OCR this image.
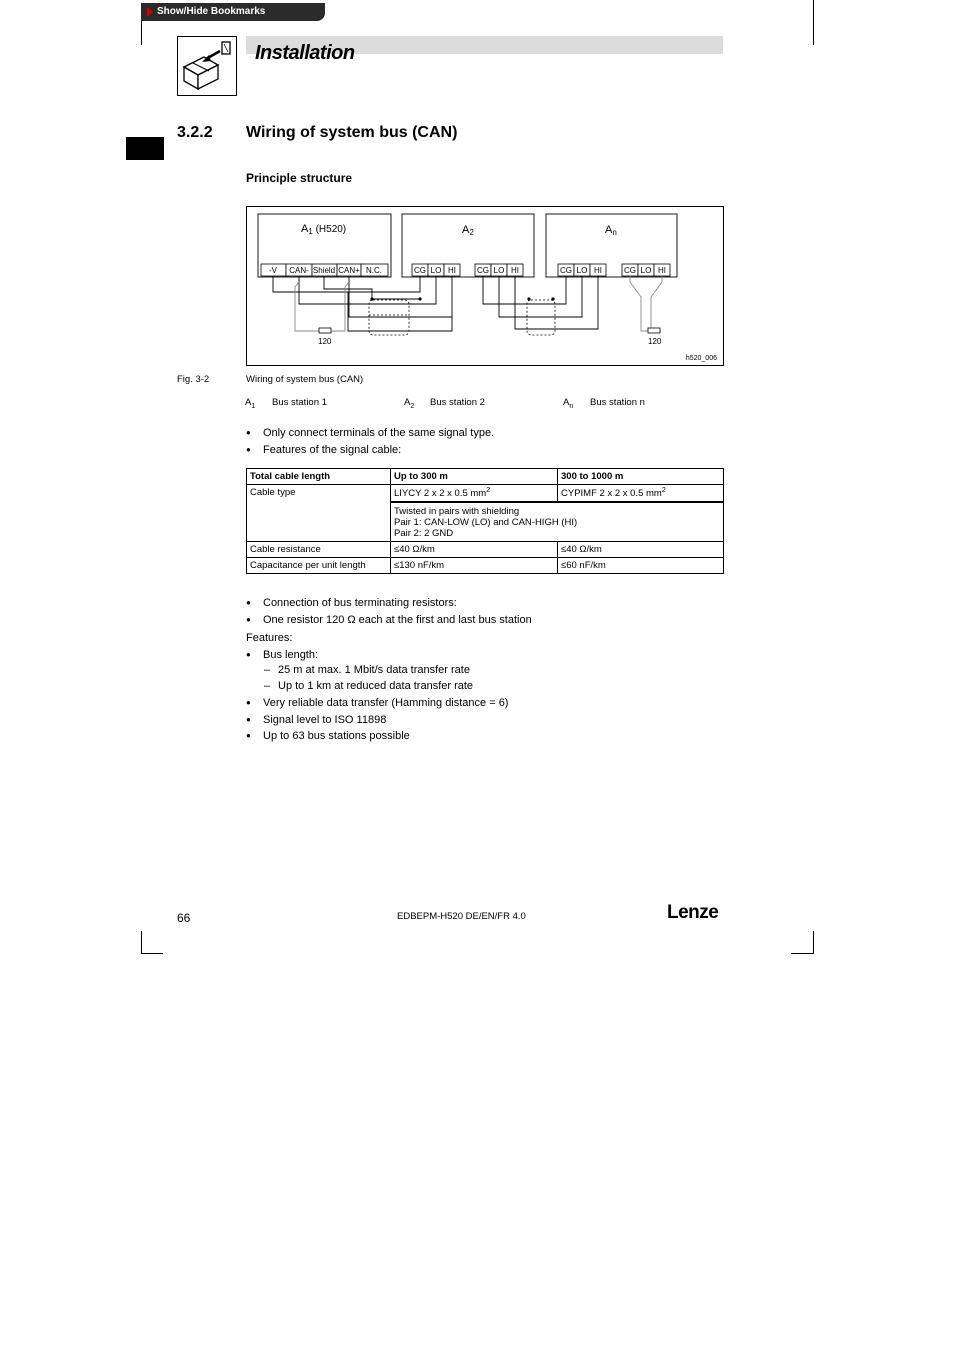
Show/Hide Bookmarks
Installation
3.2.2 Wiring of system bus (CAN)
Principle structure
A1 (H520)	A2	An
-V CAN- Shield CAN+ N.C.	CG LO HI	CG LO HI	CG LO HI	CG LO HI
120	120
h520_006
Fig. 3-2	Wiring of system bus (CAN)
$A_1$ Bus station 1	$A_2$ Bus station 2	$A_n$ Bus station n
● Only connect terminals of the same signal type.
● Features of the signal cable:
Total cable length	Up to 300 m	300 to 1000 m
Cable type	LIYCY 2 x 2 x 0.5 $mm^2$	CYPIMF 2 x 2 x 0.5 $mm^2$

	Twisted in pairs with shielding
Pair 1: CAN-LOW (LO) and CAN-HIGH (HI)
Pair 2: 2 GND	

Cable resistance	≤40 Ω/km	≤40 Ω/km
Capacitance per unit length	≤130 nF/km	≤60 nF/km
● Connection of bus terminating resistors:
● One resistor 120 Ω each at the first and last bus station
Features:
● Bus length:
– 25 m at max. 1 Mbit/s data transfer rate
– Up to 1 km at reduced data transfer rate
● Very reliable data transfer (Hamming distance = 6)
● Signal level to ISO 11898
● Up to 63 bus stations possible
66	EDBEPM-H520 DE/EN/FR 4.0	Lenze
